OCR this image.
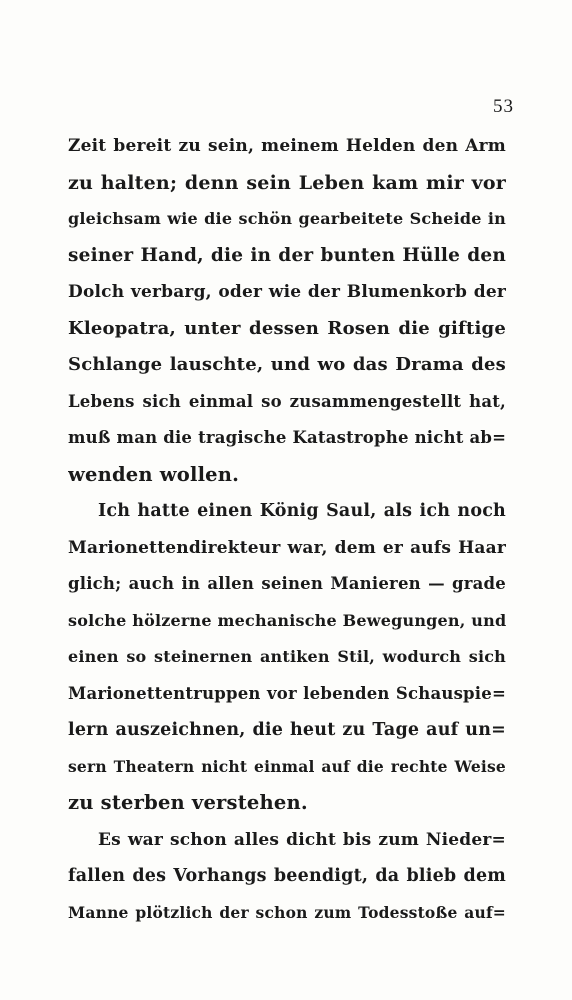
53
Zeit bereit zu sein, meinem Helden den Arm
zu halten; denn sein Leben kam mir vor
gleichsam wie die schön gearbeitete Scheide in
seiner Hand, die in der bunten Hülle den
Dolch verbarg, oder wie der Blumenkorb der
Kleopatra, unter dessen Rosen die giftige
Schlange lauschte, und wo das Drama des
Lebens sich einmal so zusammengestellt hat,
muß man die tragische Katastrophe nicht ab=
wenden wollen.
Ich hatte einen König Saul, als ich noch
Marionettendirekteur war, dem er aufs Haar
glich; auch in allen seinen Manieren — grade
solche hölzerne mechanische Bewegungen, und
einen so steinernen antiken Stil, wodurch sich
Marionettentruppen vor lebenden Schauspie=
lern auszeichnen, die heut zu Tage auf un=
sern Theatern nicht einmal auf die rechte Weise
zu sterben verstehen.
Es war schon alles dicht bis zum Nieder=
fallen des Vorhangs beendigt, da blieb dem
Manne plötzlich der schon zum Todesstoße auf=
